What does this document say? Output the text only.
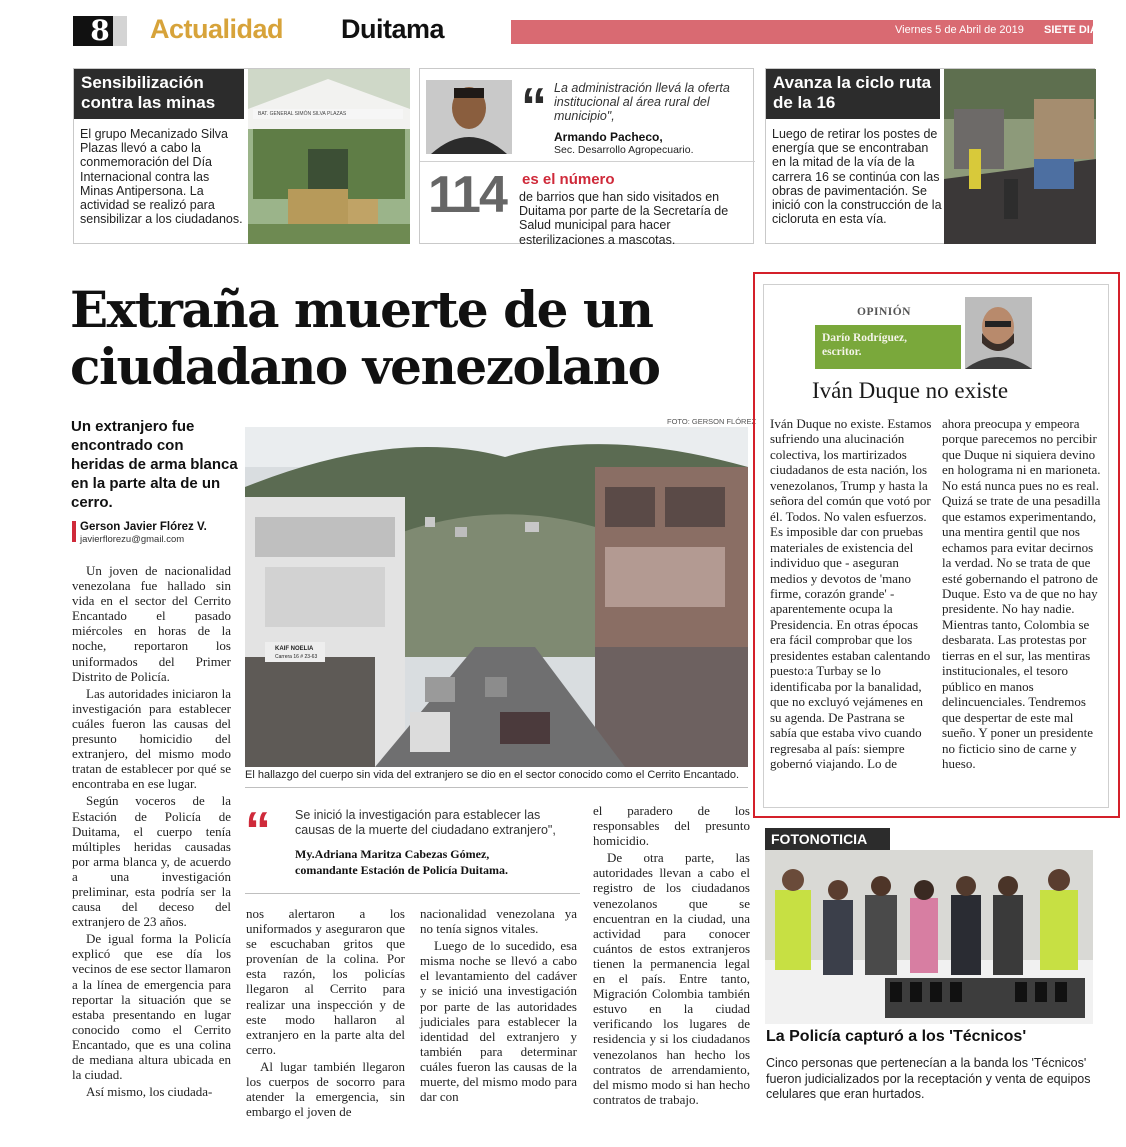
8	Actualidad Duitama	Viernes 5 de Abril de 2019 SIETE DIAS
Sensibilización contra las minas
El grupo Mecanizado Silva Plazas llevó a cabo la conmemoración del Día Internacional contra las Minas Antipersona. La actividad se realizó para sensibilizar a los ciudadanos.
BAT. GENERAL SIMÓN SILVA PLAZAS	“ La administración llevá la oferta institucional al área rural del municipio",
Armando Pacheco,
Sec. Desarrollo Agropecuario.
114 es el número
de barrios que han sido visitados en Duitama por parte de la Secretaría de Salud municipal para hacer esterilizaciones a mascotas.
Avanza la ciclo ruta de la 16
Luego de retirar los postes de energía que se encontraban en la mitad de la vía de la carrera 16 se continúa con las obras de pavimentación. Se inició con la construcción de la cicloruta en esta vía.
Extraña muerte de un ciudadano venezolano
Un extranjero fue encontrado con heridas de arma blanca en la parte alta de un cerro.
Gerson Javier Flórez V.
javierflorezu@gmail.com
FOTO: GERSON FLÓREZ
KAIF NOELIA
Carrera 16 # 23-63
El hallazgo del cuerpo sin vida del extranjero se dio en el sector conocido como el Cerrito Encantado.

Un joven de nacionalidad venezolana fue hallado sin vida en el sector del Cerrito Encantado el pasado miércoles en horas de la noche, reportaron los uniformados del Primer Distrito de Policía.

Las autoridades iniciaron la investigación para establecer cuáles fueron las causas del presunto homicidio del extranjero, del mismo modo tratan de establecer por qué se encontraba en ese lugar.

Según voceros de la Estación de Policía de Duitama, el cuerpo tenía múltiples heridas causadas por arma blanca y, de acuerdo a una investigación preliminar, esta podría ser la causa del deceso del extranjero de 23 años.

De igual forma la Policía explicó que ese día los vecinos de ese sector llamaron a la línea de emergencia para reportar la situación que se estaba presentando en lugar conocido como el Cerrito Encantado, que es una colina de mediana altura ubicada en la ciudad.

Así mismo, los ciudada-

“ Se inició la investigación para establecer las causas de la muerte del ciudadano extranjero",
My.Adriana Maritza Cabezas Gómez,
comandante Estación de Policía Duitama.

nos alertaron a los uniformados y aseguraron que se escuchaban gritos que provenían de la colina. Por esta razón, los policías llegaron al Cerrito para realizar una inspección y de este modo hallaron al extranjero en la parte alta del cerro.

Al lugar también llegaron los cuerpos de socorro para atender la emergencia, sin embargo el joven de

nacionalidad venezolana ya no tenía signos vitales.

Luego de lo sucedido, esa misma noche se llevó a cabo el levantamiento del cadáver y se inició una investigación por parte de las autoridades judiciales para establecer la identidad del extranjero y también para determinar cuáles fueron las causas de la muerte, del mismo modo para dar con

el paradero de los responsables del presunto homicidio.

De otra parte, las autoridades llevan a cabo el registro de los ciudadanos venezolanos que se encuentran en la ciudad, una actividad para conocer cuántos de estos extranjeros tienen la permanencia legal en el país. Entre tanto, Migración Colombia también estuvo en la ciudad verificando los lugares de residencia y si los ciudadanos venezolanos han hecho los contratos de arrendamiento, del mismo modo si han hecho contratos de trabajo.

OPINIÓN
Darío Rodríguez, escritor.
Iván Duque no existe
Iván Duque no existe. Estamos sufriendo una alucinación colectiva, los martirizados ciudadanos de esta nación, los venezolanos, Trump y hasta la señora del común que votó por él. Todos. No valen esfuerzos. Es imposible dar con pruebas materiales de existencia del individuo que - aseguran medios y devotos de 'mano firme, corazón grande' - aparentemente ocupa la Presidencia. En otras épocas era fácil comprobar que los presidentes estaban calentando puesto:a Turbay se lo identificaba por la banalidad, que no excluyó vejámenes en su agenda. De Pastrana se sabía que estaba vivo cuando regresaba al país: siempre gobernó viajando. Lo de
ahora preocupa y empeora porque parecemos no percibir que Duque ni siquiera devino en holograma ni en marioneta. No está nunca pues no es real. Quizá se trate de una pesadilla que estamos experimentando, una mentira gentil que nos echamos para evitar decirnos la verdad. No se trata de que esté gobernando el patrono de Duque. Esto va de que no hay presidente. No hay nadie. Mientras tanto, Colombia se desbarata. Las protestas por tierras en el sur, las mentiras institucionales, el tesoro público en manos delincuenciales. Tendremos que despertar de este mal sueño. Y poner un presidente no ficticio sino de carne y hueso.
FOTONOTICIA
La Policía capturó a los 'Técnicos'
Cinco personas que pertenecían a la banda los 'Técnicos' fueron judicializados por la receptación y venta de equipos celulares que eran hurtados.
